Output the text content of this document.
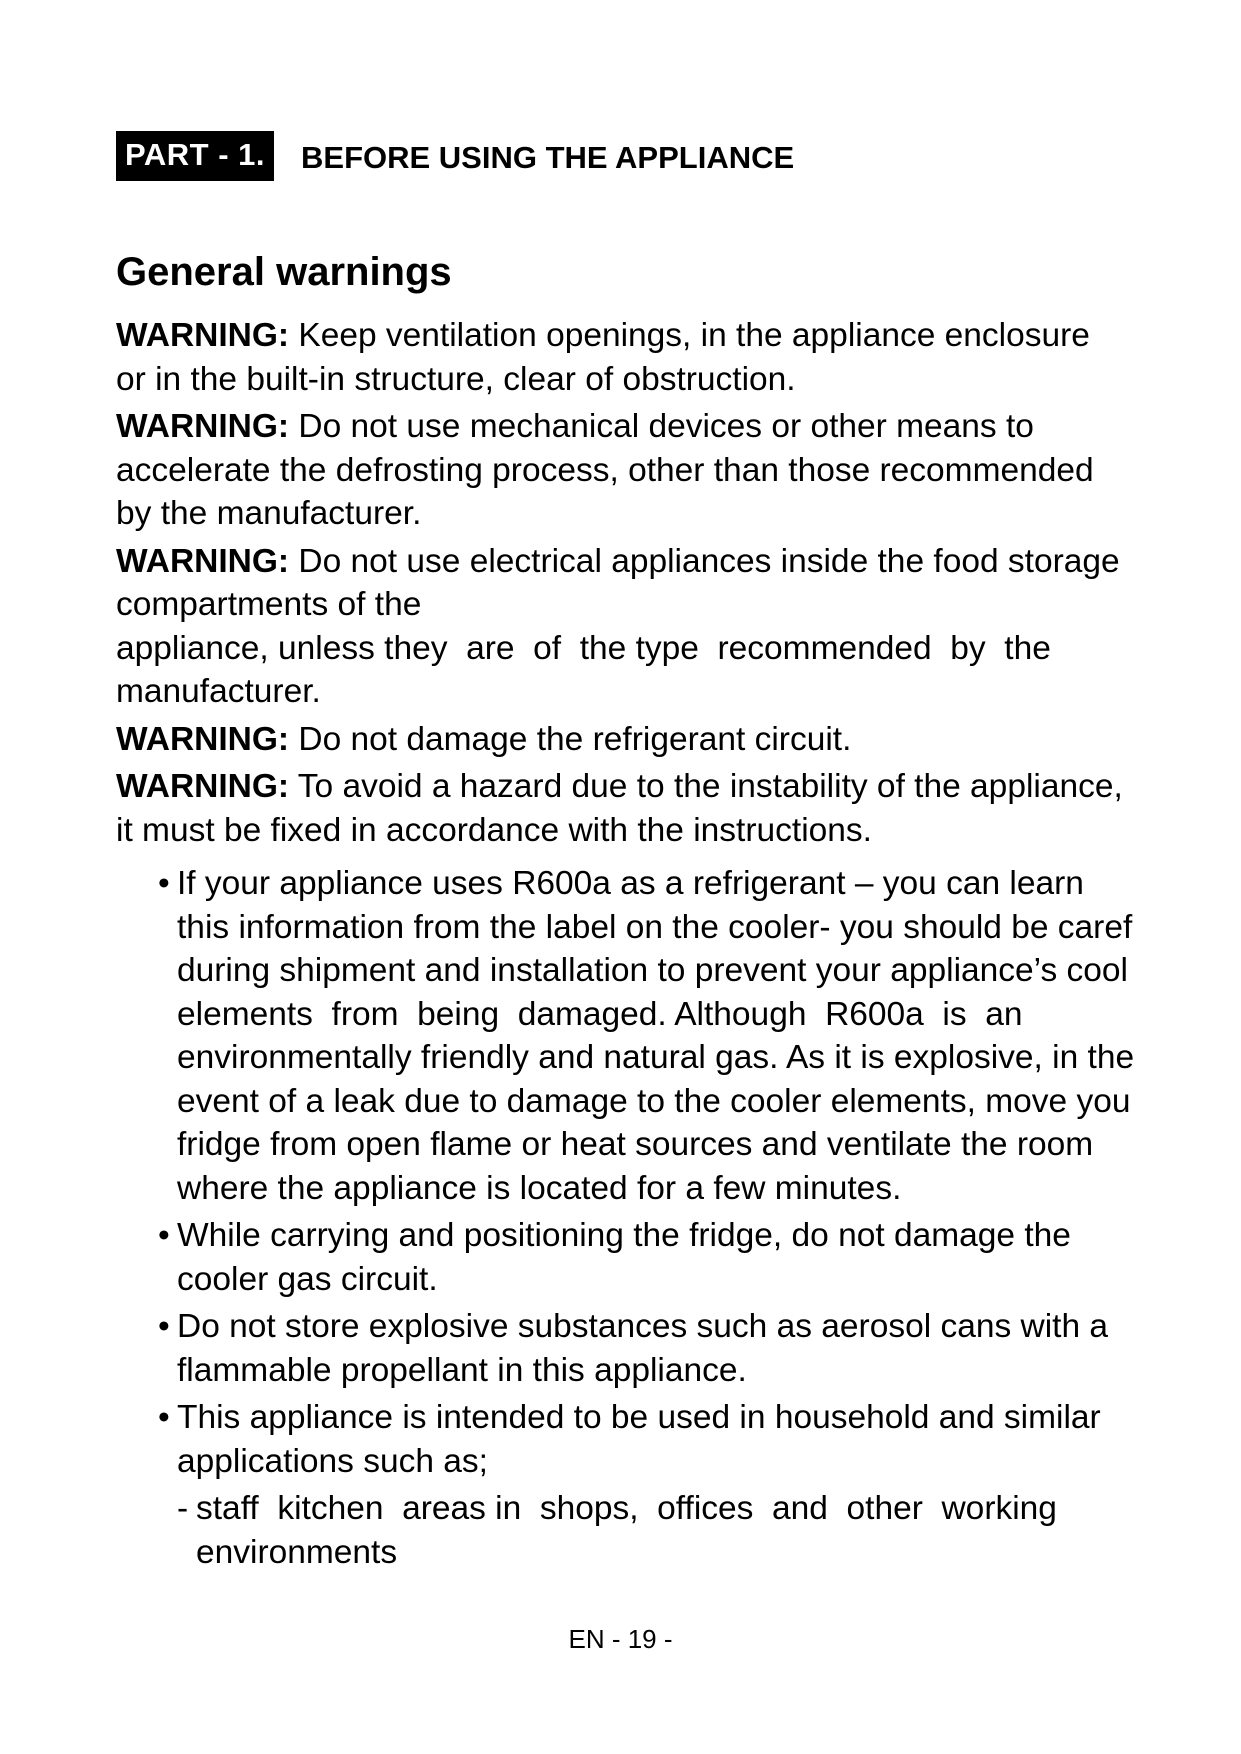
PART - 1. BEFORE USING THE APPLIANCE
General warnings
WARNING: Keep ventilation openings, in the appliance enclosure
or in the built-in structure, clear of obstruction.
WARNING: Do not use mechanical devices or other means to
accelerate the defrosting process, other than those recommended
by the manufacturer.
WARNING: Do not use electrical appliances inside the food storage
compartments of the
appliance, unless they  are  of  the type  recommended  by  the
manufacturer.
WARNING: Do not damage the refrigerant circuit.
WARNING: To avoid a hazard due to the instability of the appliance,
it must be fixed in accordance with the instructions.
• If your appliance uses R600a as a refrigerant – you can learn
this information from the label on the cooler- you should be caref
during shipment and installation to prevent your appliance’s cool
elements  from  being  damaged. Although  R600a  is  an
environmentally friendly and natural gas. As it is explosive, in the
event of a leak due to damage to the cooler elements, move you
fridge from open flame or heat sources and ventilate the room
where the appliance is located for a few minutes.
• While carrying and positioning the fridge, do not damage the
cooler gas circuit.
• Do not store explosive substances such as aerosol cans with a
flammable propellant in this appliance.
• This appliance is intended to be used in household and similar
applications such as;
- staff  kitchen  areas in  shops,  offices  and  other  working
environments
EN - 19 -
